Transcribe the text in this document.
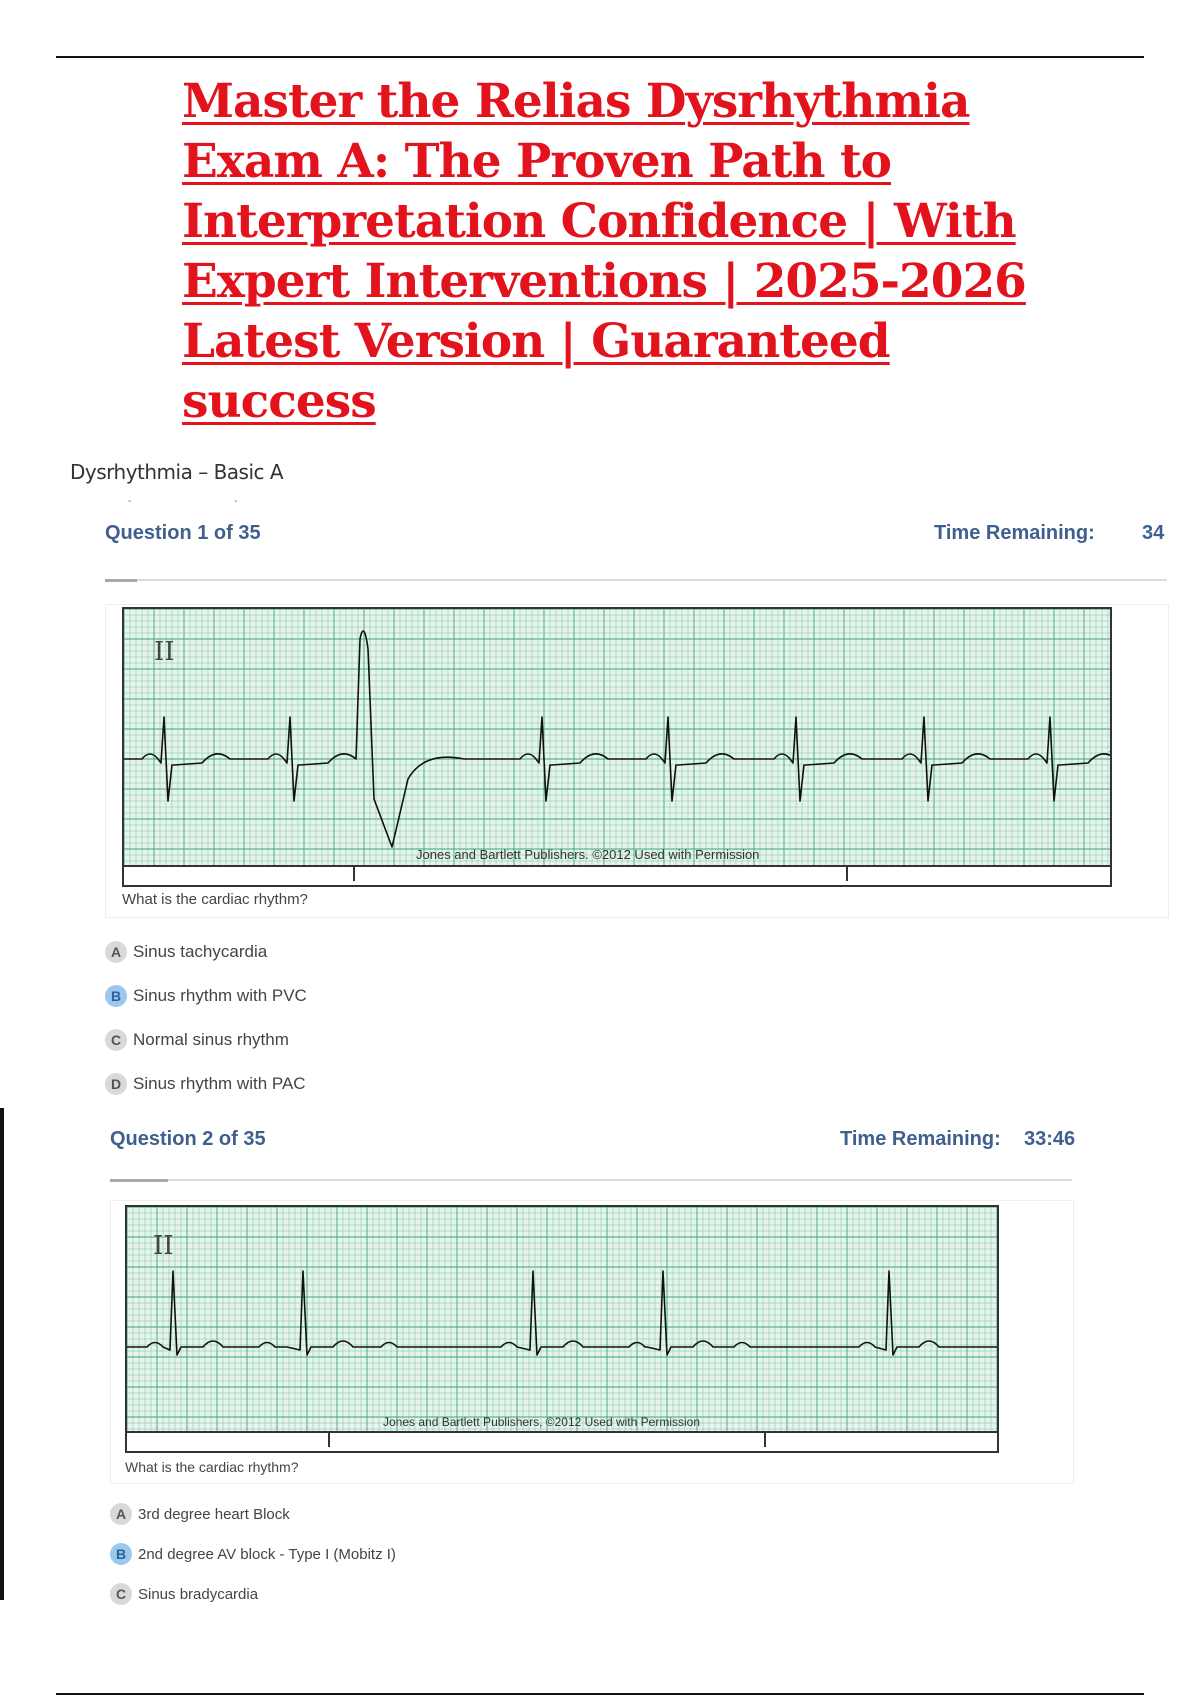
Master the Relias Dysrhythmia Exam A: The Proven Path to Interpretation Confidence | With Expert Interventions | 2025-2026 Latest Version | Guaranteed success
Dysrhythmia – Basic A
- -
Question 1 of 35	Time Remaining: 34
II
Jones and Bartlett Publishers. ©2012 Used with Permission
What is the cardiac rhythm?
A Sinus tachycardia
B Sinus rhythm with PVC
C Normal sinus rhythm
D Sinus rhythm with PAC
Question 2 of 35	Time Remaining: 33:46
II
Jones and Bartlett Publishers, ©2012 Used with Permission
What is the cardiac rhythm?
A 3rd degree heart Block
B 2nd degree AV block - Type I (Mobitz I)
C Sinus bradycardia
